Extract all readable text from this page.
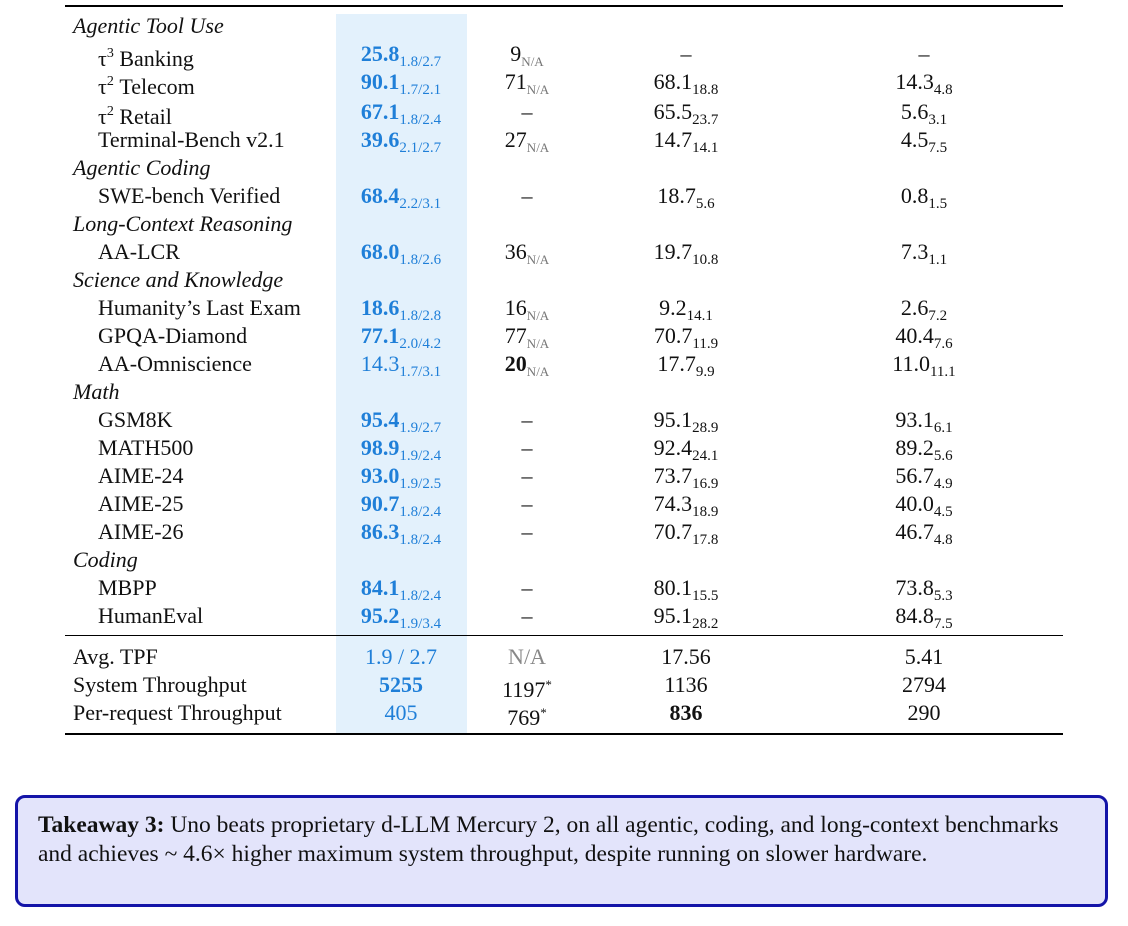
Agentic Tool Use
$\tau^3$ Banking	$25.8_{1.8/2.7}$	$9_{N/A}$	–	–
$\tau^2$ Telecom	$90.1_{1.7/2.1}$	$71_{N/A}$	$68.1_{18.8}$	$14.3_{4.8}$
$\tau^2$ Retail	$67.1_{1.8/2.4}$	–	$65.5_{23.7}$	$5.6_{3.1}$
Terminal-Bench v2.1	$39.6_{2.1/2.7}$	$27_{N/A}$	$14.7_{14.1}$	$4.5_{7.5}$
Agentic Coding
SWE-bench Verified	$68.4_{2.2/3.1}$	–	$18.7_{5.6}$	$0.8_{1.5}$
Long-Context Reasoning
AA-LCR	$68.0_{1.8/2.6}$	$36_{N/A}$	$19.7_{10.8}$	$7.3_{1.1}$
Science and Knowledge
Humanity’s Last Exam	$18.6_{1.8/2.8}$	$16_{N/A}$	$9.2_{14.1}$	$2.6_{7.2}$
GPQA-Diamond	$77.1_{2.0/4.2}$	$77_{N/A}$	$70.7_{11.9}$	$40.4_{7.6}$
AA-Omniscience	$14.3_{1.7/3.1}$	$20_{N/A}$	$17.7_{9.9}$	$11.0_{11.1}$
Math
GSM8K	$95.4_{1.9/2.7}$	–	$95.1_{28.9}$	$93.1_{6.1}$
MATH500	$98.9_{1.9/2.4}$	–	$92.4_{24.1}$	$89.2_{5.6}$
AIME-24	$93.0_{1.9/2.5}$	–	$73.7_{16.9}$	$56.7_{4.9}$
AIME-25	$90.7_{1.8/2.4}$	–	$74.3_{18.9}$	$40.0_{4.5}$
AIME-26	$86.3_{1.8/2.4}$	–	$70.7_{17.8}$	$46.7_{4.8}$
Coding
MBPP	$84.1_{1.8/2.4}$	–	$80.1_{15.5}$	$73.8_{5.3}$
HumanEval	$95.2_{1.9/3.4}$	–	$95.1_{28.2}$	$84.8_{7.5}$
Avg. TPF	1.9 / 2.7	N/A	17.56	5.41
System Throughput	5255	1197*	1136	2794
Per-request Throughput	405	769*	836	290
Takeaway 3: Uno beats proprietary d-LLM Mercury 2, on all agentic, coding, and long-context benchmarks and achieves ~ 4.6× higher maximum system throughput, despite running on slower hardware.
